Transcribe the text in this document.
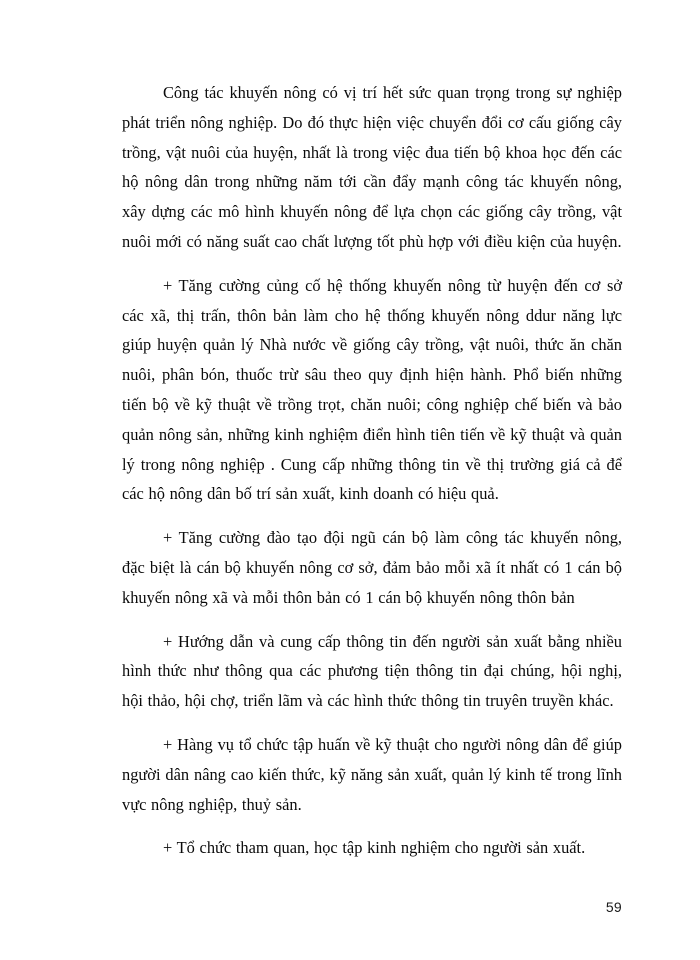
Công tác khuyến nông có vị trí hết sức quan trọng trong sự nghiệp phát triển nông nghiệp. Do đó thực hiện việc chuyển đổi cơ cấu giống cây trồng, vật nuôi của huyện, nhất là trong việc đua tiến bộ khoa học đến các hộ nông dân trong những năm tới cần đẩy mạnh công tác khuyến nông, xây dựng các mô hình khuyến nông để lựa chọn các giống cây trồng, vật nuôi mới có năng suất cao chất lượng tốt phù hợp với điều kiện của huyện.

+ Tăng cường củng cố hệ thống khuyến nông từ huyện đến cơ sở các xã, thị trấn, thôn bản làm cho hệ thống khuyến nông ddur năng lực giúp huyện quản lý Nhà nước về giống cây trồng, vật nuôi, thức ăn chăn nuôi, phân bón, thuốc trừ sâu theo quy định hiện hành. Phổ biến những tiến bộ về kỹ thuật về trồng trọt, chăn nuôi; công nghiệp chế biến và bảo quản nông sản, những kinh nghiệm điển hình tiên tiến về kỹ thuật và quản lý trong nông nghiệp . Cung cấp những thông tin về thị trường giá cả để các hộ nông dân bố trí sản xuất, kinh doanh có hiệu quả.

+ Tăng cường đào tạo đội ngũ cán bộ làm công tác khuyến nông, đặc biệt là cán bộ khuyến nông cơ sở, đảm bảo mỗi xã ít nhất có 1 cán bộ khuyến nông xã và mỗi thôn bản có 1 cán bộ khuyến nông thôn bản

+ Hướng dẫn và cung cấp thông tin đến người sản xuất bằng nhiều hình thức như thông qua các phương tiện thông tin đại chúng, hội nghị, hội thảo, hội chợ, triển lãm và các hình thức thông tin truyên truyền khác.

+ Hàng vụ tổ chức tập huấn về kỹ thuật cho người nông dân để giúp người dân nâng cao kiến thức, kỹ năng sản xuất, quản lý kinh tế trong lĩnh vực nông nghiệp, thuỷ sản.

+ Tổ chức tham quan, học tập kinh nghiệm cho người sản xuất.

59
